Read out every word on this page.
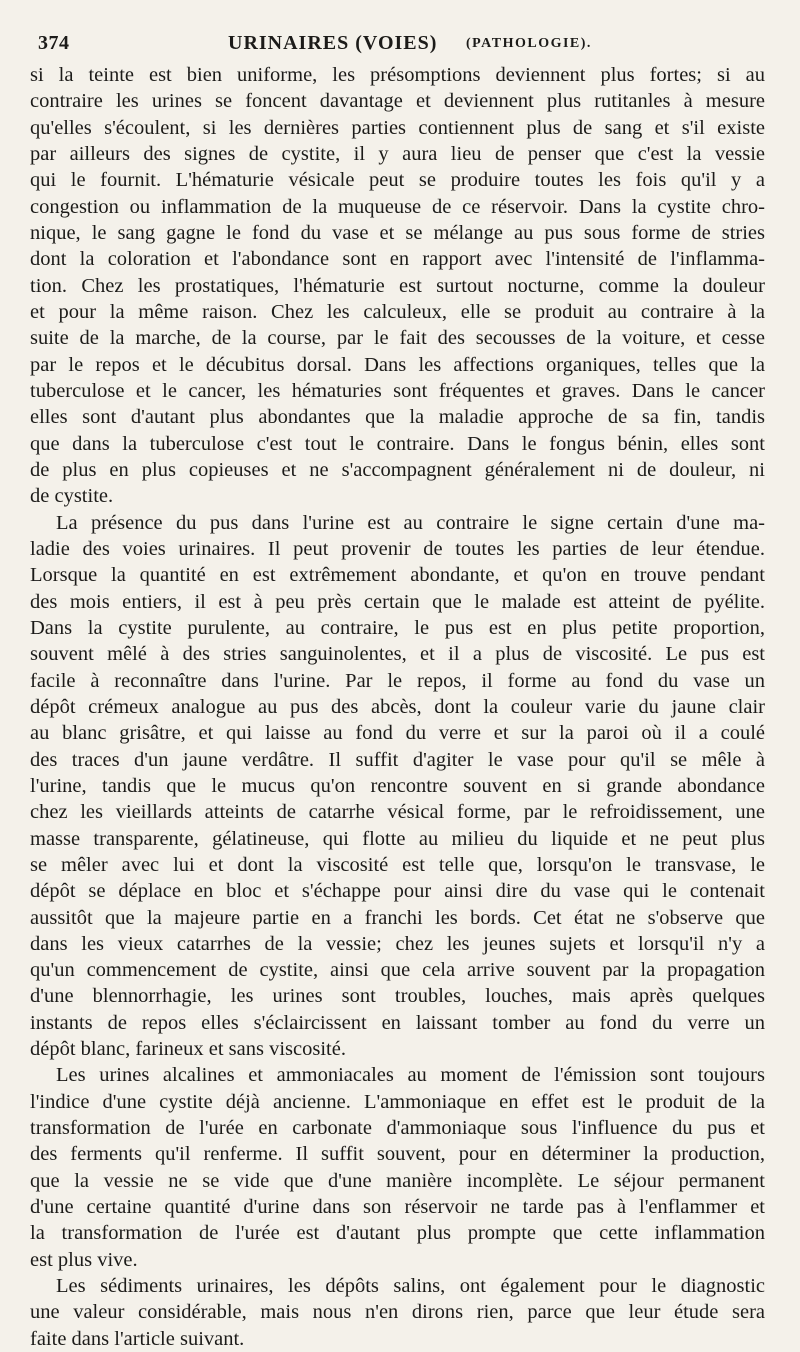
374	URINAIRES (VOIES) (PATHOLOGIE).
si la teinte est bien uniforme, les présomptions deviennent plus fortes; si au
contraire les urines se foncent davantage et deviennent plus rutitanles à mesure
qu'elles s'écoulent, si les dernières parties contiennent plus de sang et s'il existe
par ailleurs des signes de cystite, il y aura lieu de penser que c'est la vessie
qui le fournit. L'hématurie vésicale peut se produire toutes les fois qu'il y a
congestion ou inflammation de la muqueuse de ce réservoir. Dans la cystite chro-
nique, le sang gagne le fond du vase et se mélange au pus sous forme de stries
dont la coloration et l'abondance sont en rapport avec l'intensité de l'inflamma-
tion. Chez les prostatiques, l'hématurie est surtout nocturne, comme la douleur
et pour la même raison. Chez les calculeux, elle se produit au contraire à la
suite de la marche, de la course, par le fait des secousses de la voiture, et cesse
par le repos et le décubitus dorsal. Dans les affections organiques, telles que la
tuberculose et le cancer, les hématuries sont fréquentes et graves. Dans le cancer
elles sont d'autant plus abondantes que la maladie approche de sa fin, tandis
que dans la tuberculose c'est tout le contraire. Dans le fongus bénin, elles sont
de plus en plus copieuses et ne s'accompagnent généralement ni de douleur, ni
de cystite.
La présence du pus dans l'urine est au contraire le signe certain d'une ma-
ladie des voies urinaires. Il peut provenir de toutes les parties de leur étendue.
Lorsque la quantité en est extrêmement abondante, et qu'on en trouve pendant
des mois entiers, il est à peu près certain que le malade est atteint de pyélite.
Dans la cystite purulente, au contraire, le pus est en plus petite proportion,
souvent mêlé à des stries sanguinolentes, et il a plus de viscosité. Le pus est
facile à reconnaître dans l'urine. Par le repos, il forme au fond du vase un
dépôt crémeux analogue au pus des abcès, dont la couleur varie du jaune clair
au blanc grisâtre, et qui laisse au fond du verre et sur la paroi où il a coulé
des traces d'un jaune verdâtre. Il suffit d'agiter le vase pour qu'il se mêle à
l'urine, tandis que le mucus qu'on rencontre souvent en si grande abondance
chez les vieillards atteints de catarrhe vésical forme, par le refroidissement, une
masse transparente, gélatineuse, qui flotte au milieu du liquide et ne peut plus
se mêler avec lui et dont la viscosité est telle que, lorsqu'on le transvase, le
dépôt se déplace en bloc et s'échappe pour ainsi dire du vase qui le contenait
aussitôt que la majeure partie en a franchi les bords. Cet état ne s'observe que
dans les vieux catarrhes de la vessie; chez les jeunes sujets et lorsqu'il n'y a
qu'un commencement de cystite, ainsi que cela arrive souvent par la propagation
d'une blennorrhagie, les urines sont troubles, louches, mais après quelques
instants de repos elles s'éclaircissent en laissant tomber au fond du verre un
dépôt blanc, farineux et sans viscosité.
Les urines alcalines et ammoniacales au moment de l'émission sont toujours
l'indice d'une cystite déjà ancienne. L'ammoniaque en effet est le produit de la
transformation de l'urée en carbonate d'ammoniaque sous l'influence du pus et
des ferments qu'il renferme. Il suffit souvent, pour en déterminer la production,
que la vessie ne se vide que d'une manière incomplète. Le séjour permanent
d'une certaine quantité d'urine dans son réservoir ne tarde pas à l'enflammer et
la transformation de l'urée est d'autant plus prompte que cette inflammation
est plus vive.
Les sédiments urinaires, les dépôts salins, ont également pour le diagnostic
une valeur considérable, mais nous n'en dirons rien, parce que leur étude sera
faite dans l'article suivant.
